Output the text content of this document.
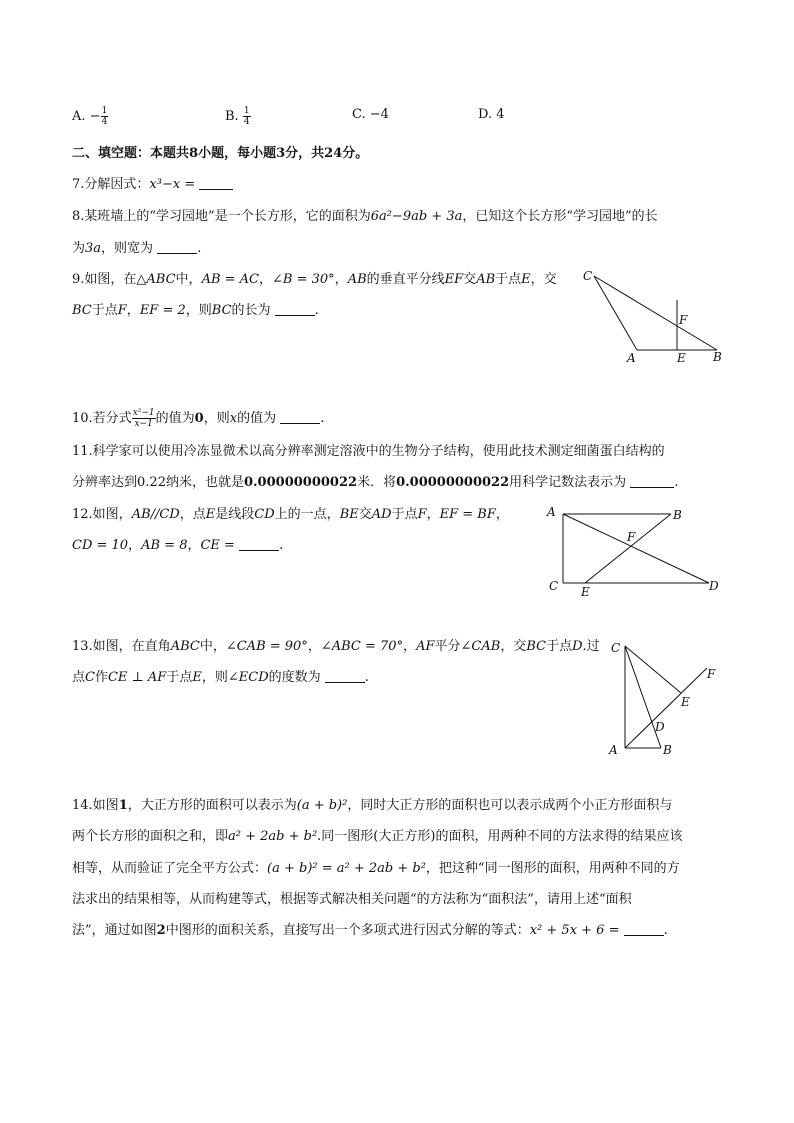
A. − $\frac{1}{4}$	B. $\frac{1}{4}$	C. −4	D. 4
二、填空题：本题共8小题，每小题3分，共24分。
7.分解因式：x³−x =
8.某班墙上的“学习园地”是一个长方形，它的面积为6a²−9ab + 3a，已知这个长方形“学习园地”的长
为3a，则宽为	.
9.如图，在△ABC中，AB = AC，∠B = 30°，AB的垂直平分线EF交AB于点E，交
BC于点F，EF = 2，则BC的长为	.
C
F
A	E B
10.若分式 $\frac{\text{x²−1}}{x-1}$ 的值为0，则x的值为	.
11.科学家可以使用冷冻显微术以高分辨率测定溶液中的生物分子结构，使用此技术测定细菌蛋白结构的
分辨率达到0.22纳米，也就是0.00000000022米．将0.00000000022用科学记数法表示为	.
12.如图，AB//CD，点E是线段CD上的一点，BE交AD于点F，EF = BF，
CD = 10，AB = 8，CE =	.
A	B
F
C E	D
13.如图，在直角ABC中，∠CAB = 90°，∠ABC = 70°，AF平分∠CAB，交BC于点D.过
点C作CE ⊥ AF于点E，则∠ECD的度数为	.
C
F
E
D
A	B
14.如图1，大正方形的面积可以表示为(a + b)²，同时大正方形的面积也可以表示成两个小正方形面积与
两个长方形的面积之和，即a² + 2ab + b².同一图形(大正方形)的面积，用两种不同的方法求得的结果应该
相等，从而验证了完全平方公式：(a + b)² = a² + 2ab + b²，把这种“同一图形的面积，用两种不同的方
法求出的结果相等，从而构建等式，根据等式解决相关问题“的方法称为“面积法”，请用上述“面积
法”，通过如图2中图形的面积关系，直接写出一个多项式进行因式分解的等式：x² + 5x + 6 =	.
